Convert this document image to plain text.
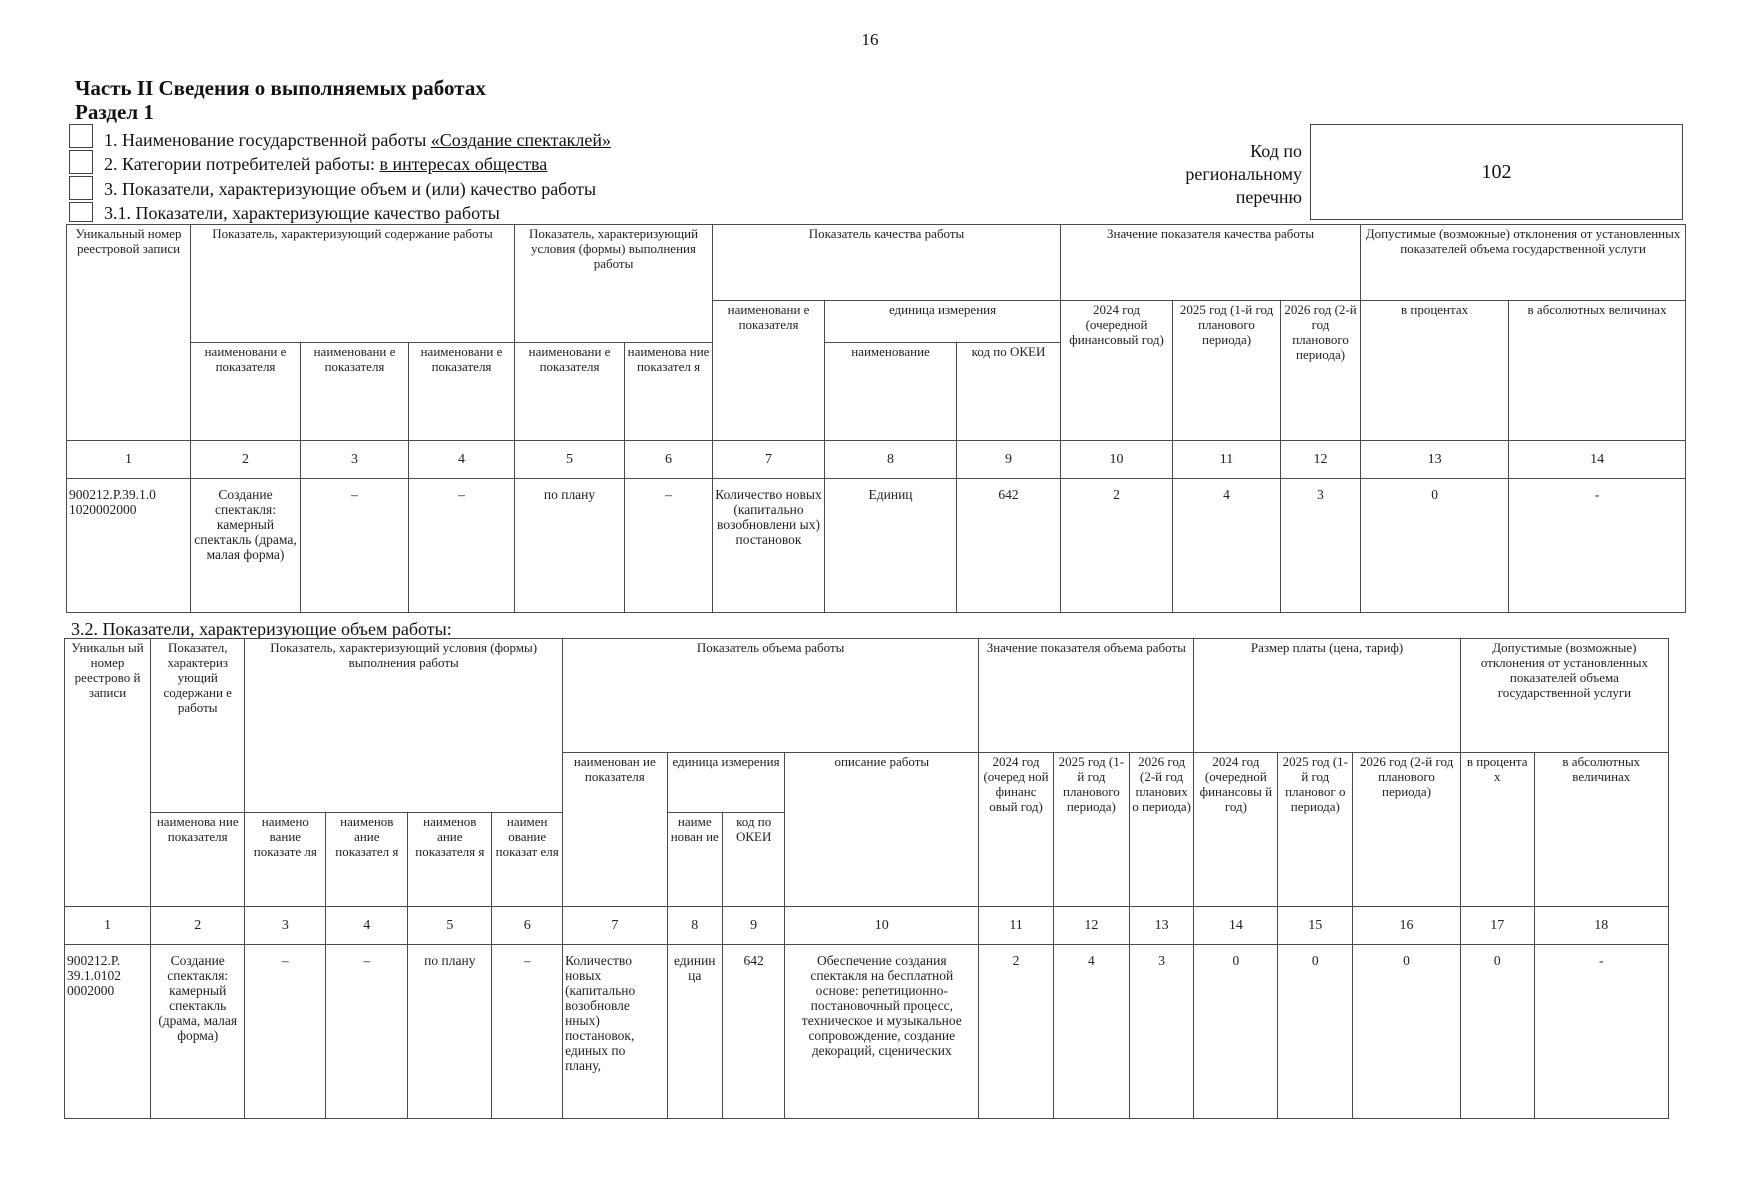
16
Часть II Сведения о выполняемых работах
Раздел 1
1. Наименование государственной работы «Создание спектаклей»
2. Категории потребителей работы: в интересах общества
3. Показатели, характеризующие объем и (или) качество работы
3.1. Показатели, характеризующие качество работы
Код по
региональному
перечню
102
Уникальный номер реестровой записи	Показатель, характеризующий содержание работы			Показатель, характеризующий условия (формы) выполнения работы		Показатель качества работы			Значение показателя качества работы			Допустимые (возможные) отклонения от установленных показателей объема государственной услуги	
						наименовани е показателя	единица измерения		2024 год (очередной финансовый год)	2025 год (1-й год планового периода)	2026 год (2-й год планового периода)	в процентах	в абсолютных величинах
	наименовани е показателя	наименовани е показателя	наименовани е показателя	наименовани е показателя	наименова ние показател я		наименование	код по ОКЕИ					
1	2	3	4	5	6	7	8	9	10	11	12	13	14
900212.Р.39.1.0 1020002000	Создание спектакля: камерный спектакль (драма, малая форма)	–	–	по плану	–	Количество новых (капитально возобновлени ых) постановок	Единиц	642	2	4	3	0	-
3.2. Показатели, характеризующие объем работы:
Уникальн ый номер реестрово й записи	Показател, характериз ующий содержани е работы	Показатель, характеризующий условия (формы) выполнения работы				Показатель объема работы				Значение показателя объема работы			Размер платы (цена, тариф)			Допустимые (возможные) отклонения от установленных показателей объема государственной услуги	
						наименован ие показателя	единица измерения		описание работы	2024 год (очеред ной финанс овый год)	2025 год (1-й год планового периода)	2026 год (2-й год планових о периода)	2024 год (очередной финансовы й год)	2025 год (1-й год плановог о периода)	2026 год (2-й год планового периода)	в процента х	в абсолютных величинах
	наименова ние показателя	наимено вание показате ля	наименов ание показател я	наименов ание показателя я	наимен ование показат еля		наиме нован ие	код по ОКЕИ									
1	2	3	4	5	6	7	8	9	10	11	12	13	14	15	16	17	18
900212.Р. 39.1.0102 0002000	Создание спектакля: камерный спектакль (драма, малая форма)	–	–	по плану	–	Количество новых (капитально возобновле нных) постановок, единых по плану,	единин ца	642	Обеспечение создания спектакля на бесплатной основе: репетиционно-постановочный процесс, техническое и музыкальное сопровождение, создание декораций, сценических	2	4	3	0	0	0	0	-
